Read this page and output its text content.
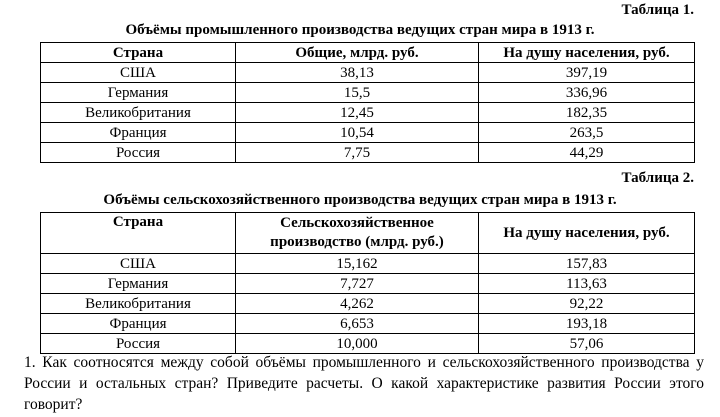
Таблица 1.
Объёмы промышленного производства ведущих стран мира в 1913 г.
Страна	Общие, млрд. руб.	На душу населения, руб.
США	38,13	397,19
Германия	15,5	336,96
Великобритания	12,45	182,35
Франция	10,54	263,5
Россия	7,75	44,29
Таблица 2.
Объёмы сельскохозяйственного производства ведущих стран мира в 1913 г.
Страна	Сельскохозяйственное производство (млрд. руб.)	На душу населения, руб.
США	15,162	157,83
Германия	7,727	113,63
Великобритания	4,262	92,22
Франция	6,653	193,18
Россия	10,000	57,06
1. Как соотносятся между собой объёмы промышленного и сельскохозяйственного производства у России и остальных стран? Приведите расчеты. О какой характеристике развития России этого говорит?
